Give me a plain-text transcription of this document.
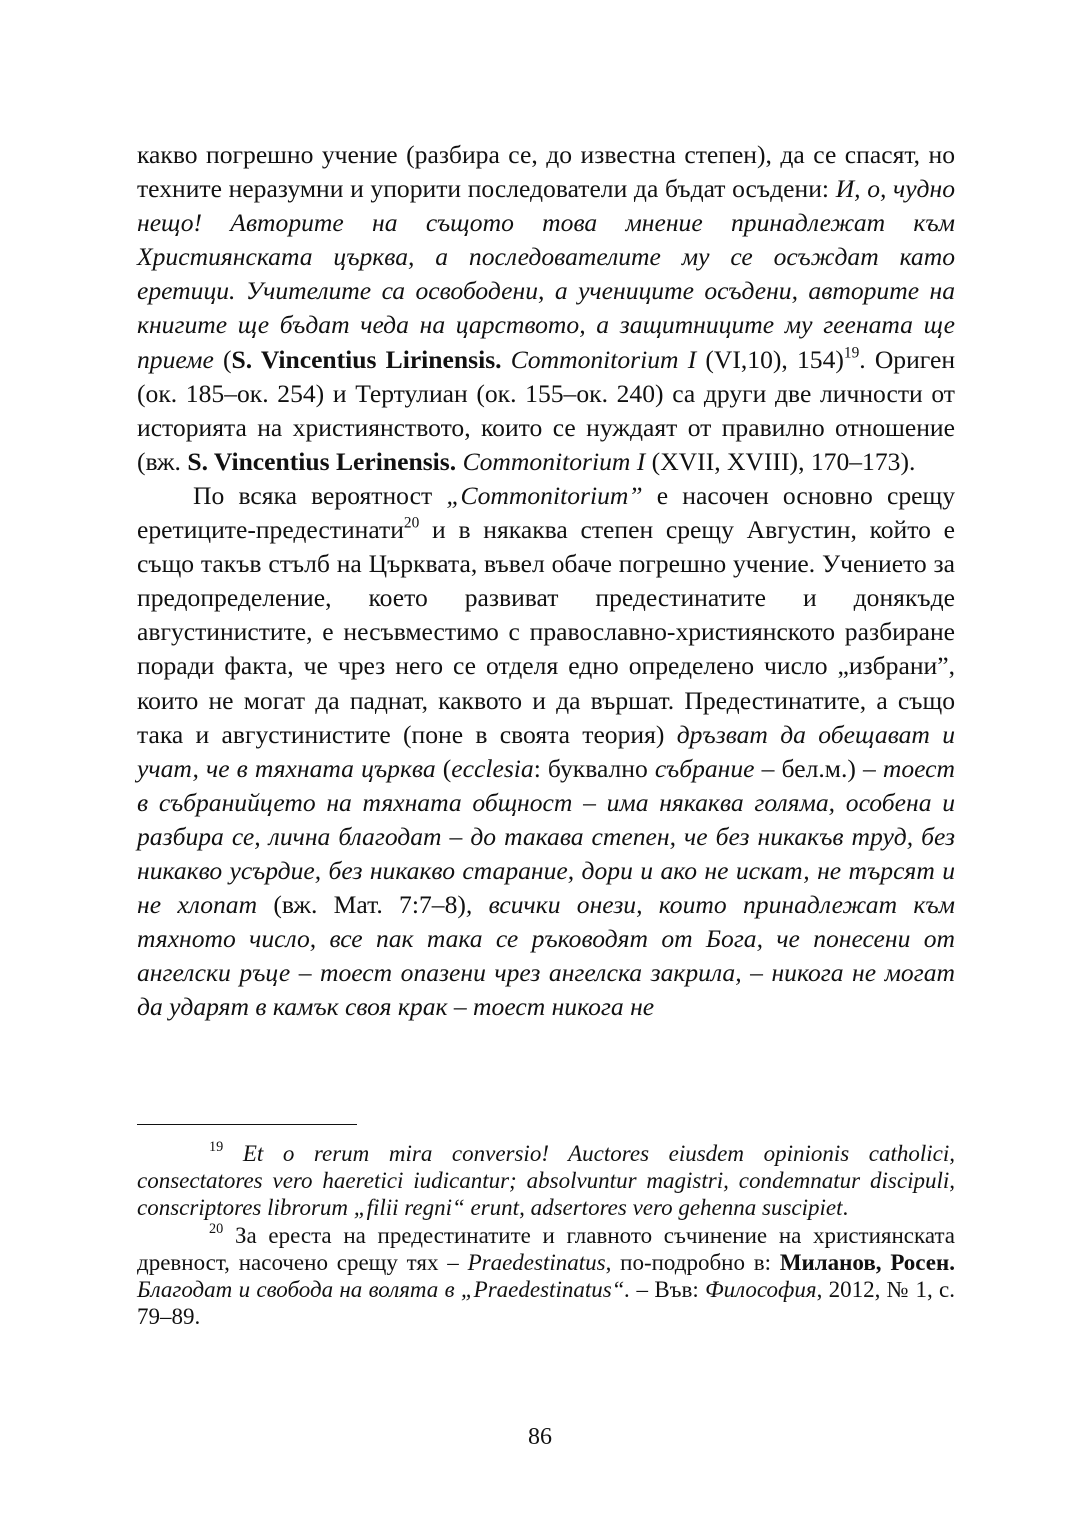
какво погрешно учение (разбира се, до известна степен), да се спасят, но техните неразумни и упорити последователи да бъдат осъдени: И, о, чудно нещо! Авторите на същото това мнение принадлежат към Християнската църква, а последователите му се осъждат като еретици. Учителите са освободени, а учениците осъдени, авторите на книгите ще бъдат чеда на царството, а защитниците му геената ще приеме (S. Vincentius Lirinensis. Commonitorium I (VI,10), 154)$^{19}$. Ориген (ок. 185–ок. 254) и Тертулиан (ок. 155–ок. 240) са други две личности от историята на християнството, които се нуждаят от правилно отношение (вж. S. Vincentius Lerinensis. Commonitorium I (XVII, XVIII), 170–173).

По всяка вероятност „Commonitorium” е насочен основно срещу еретиците-предестинати$^{20}$ и в някаква степен срещу Августин, който е също такъв стълб на Църквата, въвел обаче погрешно учение. Учението за предопределение, което развиват предестинатите и донякъде августинистите, е несъвместимо с православно-християнското разбиране поради факта, че чрез него се отделя едно определено число „избрани”, които не могат да паднат, каквото и да вършат. Предестинатите, а също така и августинистите (поне в своята теория) дръзват да обещават и учат, че в тяхната църква (ecclesia: буквално събрание – бел.м.) – тоест в събранийцето на тяхната общност – има някаква голяма, особена и разбира се, лична благодат – до такава степен, че без никакъв труд, без никакво усърдие, без никакво старание, дори и ако не искат, не търсят и не хлопат (вж. Мат. 7:7–8), всички онези, които принадлежат към тяхното число, все пак така се ръководят от Бога, че понесени от ангелски ръце – тоест опазени чрез ангелска закрила, – никога не могат да ударят в камък своя крак – тоест никога не

$^{19}$ Et o rerum mira conversio! Auctores eiusdem opinionis catholici, consectatores vero haeretici iudicantur; absolvuntur magistri, condemnatur discipuli, conscriptores librorum „filii regni“ erunt, adsertores vero gehenna suscipiet.

$^{20}$ За ереста на предестинатите и главното съчинение на християнската древност, насочено срещу тях – Praedestinatus, по-подробно в: Миланов, Росен. Благодат и свобода на волята в „Praedestinatus“. – Във: Философия, 2012, № 1, с. 79–89.

86
